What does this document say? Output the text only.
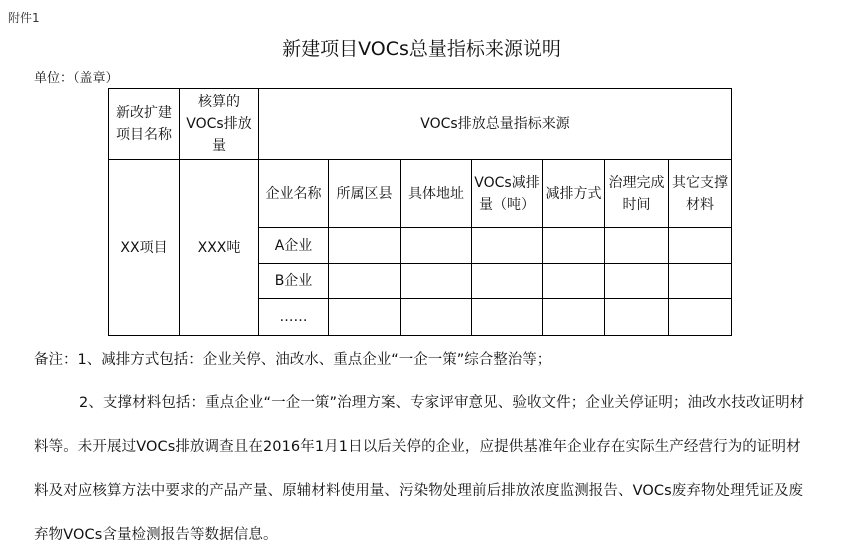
附件1
新建项目VOCs总量指标来源说明
单位：（盖章）
新改扩建项目名称	核算的VOCs排放量	VOCs排放总量指标来源						
XX项目	XXX吨	企业名称	所属区县	具体地址	VOCs减排量（吨）	减排方式	治理完成时间	其它支撑材料
		A企业						
		B企业						
		……						

备注：1、减排方式包括：企业关停、油改水、重点企业“一企一策”综合整治等；

2、支撑材料包括：重点企业“一企一策”治理方案、专家评审意见、验收文件；企业关停证明；油改水技改证明材料等。未开展过VOCs排放调查且在2016年1月1日以后关停的企业，应提供基准年企业存在实际生产经营行为的证明材料及对应核算方法中要求的产品产量、原辅材料使用量、污染物处理前后排放浓度监测报告、VOCs废弃物处理凭证及废弃物VOCs含量检测报告等数据信息。
